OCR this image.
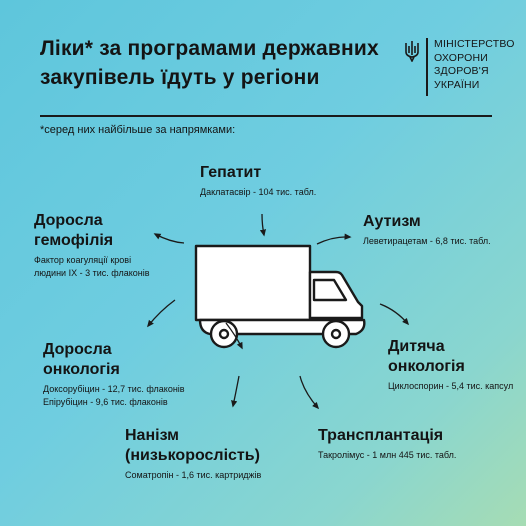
Ліки* за програмами державних закупівель їдуть у регіони
МІНІСТЕРСТВО
ОХОРОНИ
ЗДОРОВ'Я
УКРАЇНИ
*серед них найбільше за напрямками:
Гепатит
Даклатасвір - 104 тис. табл.
Аутизм
Леветирацетам - 6,8 тис. табл.
Доросла
гемофілія
Фактор коагуляції крові
людини IX - 3 тис. флаконів
Дитяча
онкологія
Циклоспорин - 5,4 тис. капсул
Доросла
онкологія
Доксорубіцин - 12,7 тис. флаконів
Епірубіцин - 9,6 тис. флаконів
Нанізм
(низькорослість)
Соматропін - 1,6 тис. картриджів
Трансплантація
Такролімус - 1 млн 445 тис. табл.
